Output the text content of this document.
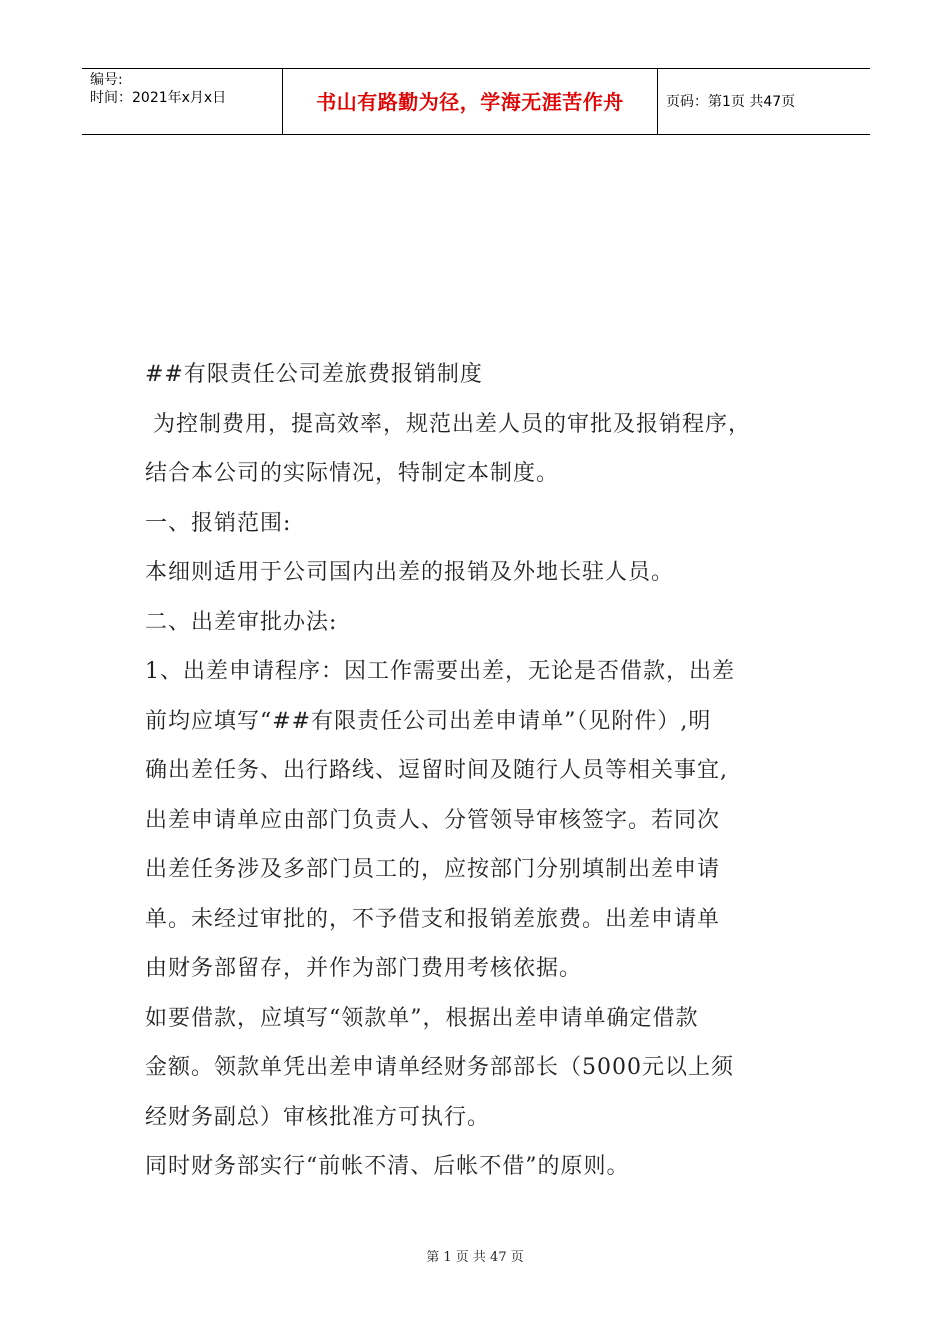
编号:
时间：2021年x月x日	书山有路勤为径，学海无涯苦作舟	页码：第1页 共47页
##有限责任公司差旅费报销制度
为控制费用，提高效率，规范出差人员的审批及报销程序，
结合本公司的实际情况，特制定本制度。
一、报销范围:
本细则适用于公司国内出差的报销及外地长驻人员。
二、出差审批办法:
1、出差申请程序：因工作需要出差，无论是否借款，出差
前均应填写“##有限责任公司出差申请单”（见附件）,明
确出差任务、出行路线、逗留时间及随行人员等相关事宜,
出差申请单应由部门负责人、分管领导审核签字。若同次
出差任务涉及多部门员工的，应按部门分别填制出差申请
单。未经过审批的，不予借支和报销差旅费。出差申请单
由财务部留存，并作为部门费用考核依据。
如要借款，应填写“领款单”，根据出差申请单确定借款
金额。领款单凭出差申请单经财务部部长（5000元以上须
经财务副总）审核批准方可执行。
同时财务部实行“前帐不清、后帐不借”的原则。
第 1 页 共 47 页
